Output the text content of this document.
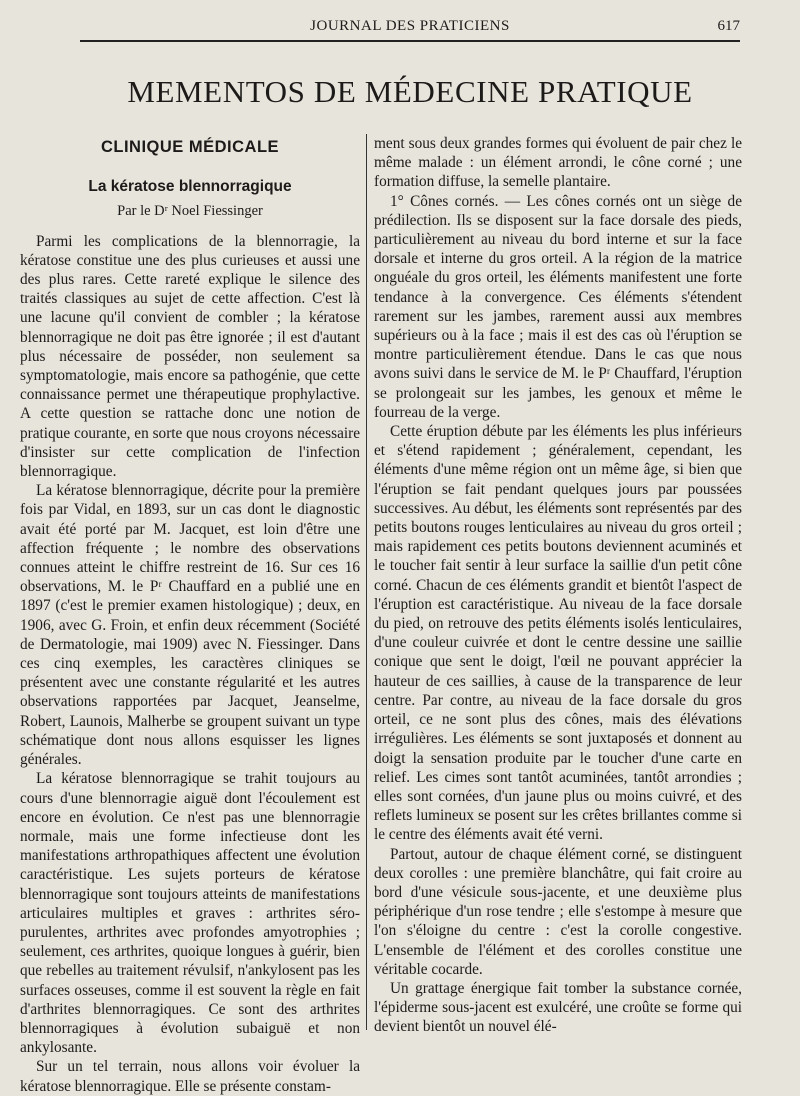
JOURNAL DES PRATICIENS	617
MEMENTOS DE MÉDECINE PRATIQUE
CLINIQUE MÉDICALE
La kératose blennorragique
Par le Dʳ Noel Fiessinger

Parmi les complications de la blennorragie, la kératose constitue une des plus curieuses et aussi une des plus rares. Cette rareté explique le silence des traités classiques au sujet de cette affection. C'est là une lacune qu'il convient de combler ; la kératose blennorragique ne doit pas être ignorée ; il est d'autant plus nécessaire de posséder, non seulement sa symptomatologie, mais encore sa pathogénie, que cette connaissance permet une thérapeutique prophylactive. A cette question se rattache donc une notion de pratique courante, en sorte que nous croyons nécessaire d'insister sur cette complication de l'infection blennorragique.

La kératose blennorragique, décrite pour la première fois par Vidal, en 1893, sur un cas dont le diagnostic avait été porté par M. Jacquet, est loin d'être une affection fréquente ; le nombre des observations connues atteint le chiffre restreint de 16. Sur ces 16 observations, M. le Pʳ Chauffard en a publié une en 1897 (c'est le premier examen histologique) ; deux, en 1906, avec G. Froin, et enfin deux récemment (Société de Dermatologie, mai 1909) avec N. Fiessinger. Dans ces cinq exemples, les caractères cliniques se présentent avec une constante régularité et les autres observations rapportées par Jacquet, Jeanselme, Robert, Launois, Malherbe se groupent suivant un type schématique dont nous allons esquisser les lignes générales.

La kératose blennorragique se trahit toujours au cours d'une blennorragie aiguë dont l'écoulement est encore en évolution. Ce n'est pas une blennorragie normale, mais une forme infectieuse dont les manifestations arthropathiques affectent une évolution caractéristique. Les sujets porteurs de kératose blennorragique sont toujours atteints de manifestations articulaires multiples et graves : arthrites séro-purulentes, arthrites avec profondes amyotrophies ; seulement, ces arthrites, quoique longues à guérir, bien que rebelles au traitement révulsif, n'ankylosent pas les surfaces osseuses, comme il est souvent la règle en fait d'arthrites blennorragiques. Ce sont des arthrites blennorragiques à évolution subaiguë et non ankylosante.

Sur un tel terrain, nous allons voir évoluer la kératose blennorragique. Elle se présente constam-

ment sous deux grandes formes qui évoluent de pair chez le même malade : un élément arrondi, le cône corné ; une formation diffuse, la semelle plantaire.

1° Cônes cornés. — Les cônes cornés ont un siège de prédilection. Ils se disposent sur la face dorsale des pieds, particulièrement au niveau du bord interne et sur la face dorsale et interne du gros orteil. A la région de la matrice onguéale du gros orteil, les éléments manifestent une forte tendance à la convergence. Ces éléments s'étendent rarement sur les jambes, rarement aussi aux membres supérieurs ou à la face ; mais il est des cas où l'éruption se montre particulièrement étendue. Dans le cas que nous avons suivi dans le service de M. le Pʳ Chauffard, l'éruption se prolongeait sur les jambes, les genoux et même le fourreau de la verge.

Cette éruption débute par les éléments les plus inférieurs et s'étend rapidement ; généralement, cependant, les éléments d'une même région ont un même âge, si bien que l'éruption se fait pendant quelques jours par poussées successives. Au début, les éléments sont représentés par des petits boutons rouges lenticulaires au niveau du gros orteil ; mais rapidement ces petits boutons deviennent acuminés et le toucher fait sentir à leur surface la saillie d'un petit cône corné. Chacun de ces éléments grandit et bientôt l'aspect de l'éruption est caractéristique. Au niveau de la face dorsale du pied, on retrouve des petits éléments isolés lenticulaires, d'une couleur cuivrée et dont le centre dessine une saillie conique que sent le doigt, l'œil ne pouvant apprécier la hauteur de ces saillies, à cause de la transparence de leur centre. Par contre, au niveau de la face dorsale du gros orteil, ce ne sont plus des cônes, mais des élévations irrégulières. Les éléments se sont juxtaposés et donnent au doigt la sensation produite par le toucher d'une carte en relief. Les cimes sont tantôt acuminées, tantôt arrondies ; elles sont cornées, d'un jaune plus ou moins cuivré, et des reflets lumineux se posent sur les crêtes brillantes comme si le centre des éléments avait été verni.

Partout, autour de chaque élément corné, se distinguent deux corolles : une première blanchâtre, qui fait croire au bord d'une vésicule sous-jacente, et une deuxième plus périphérique d'un rose tendre ; elle s'estompe à mesure que l'on s'éloigne du centre : c'est la corolle congestive. L'ensemble de l'élément et des corolles constitue une véritable cocarde.

Un grattage énergique fait tomber la substance cornée, l'épiderme sous-jacent est exulcéré, une croûte se forme qui devient bientôt un nouvel élé-
